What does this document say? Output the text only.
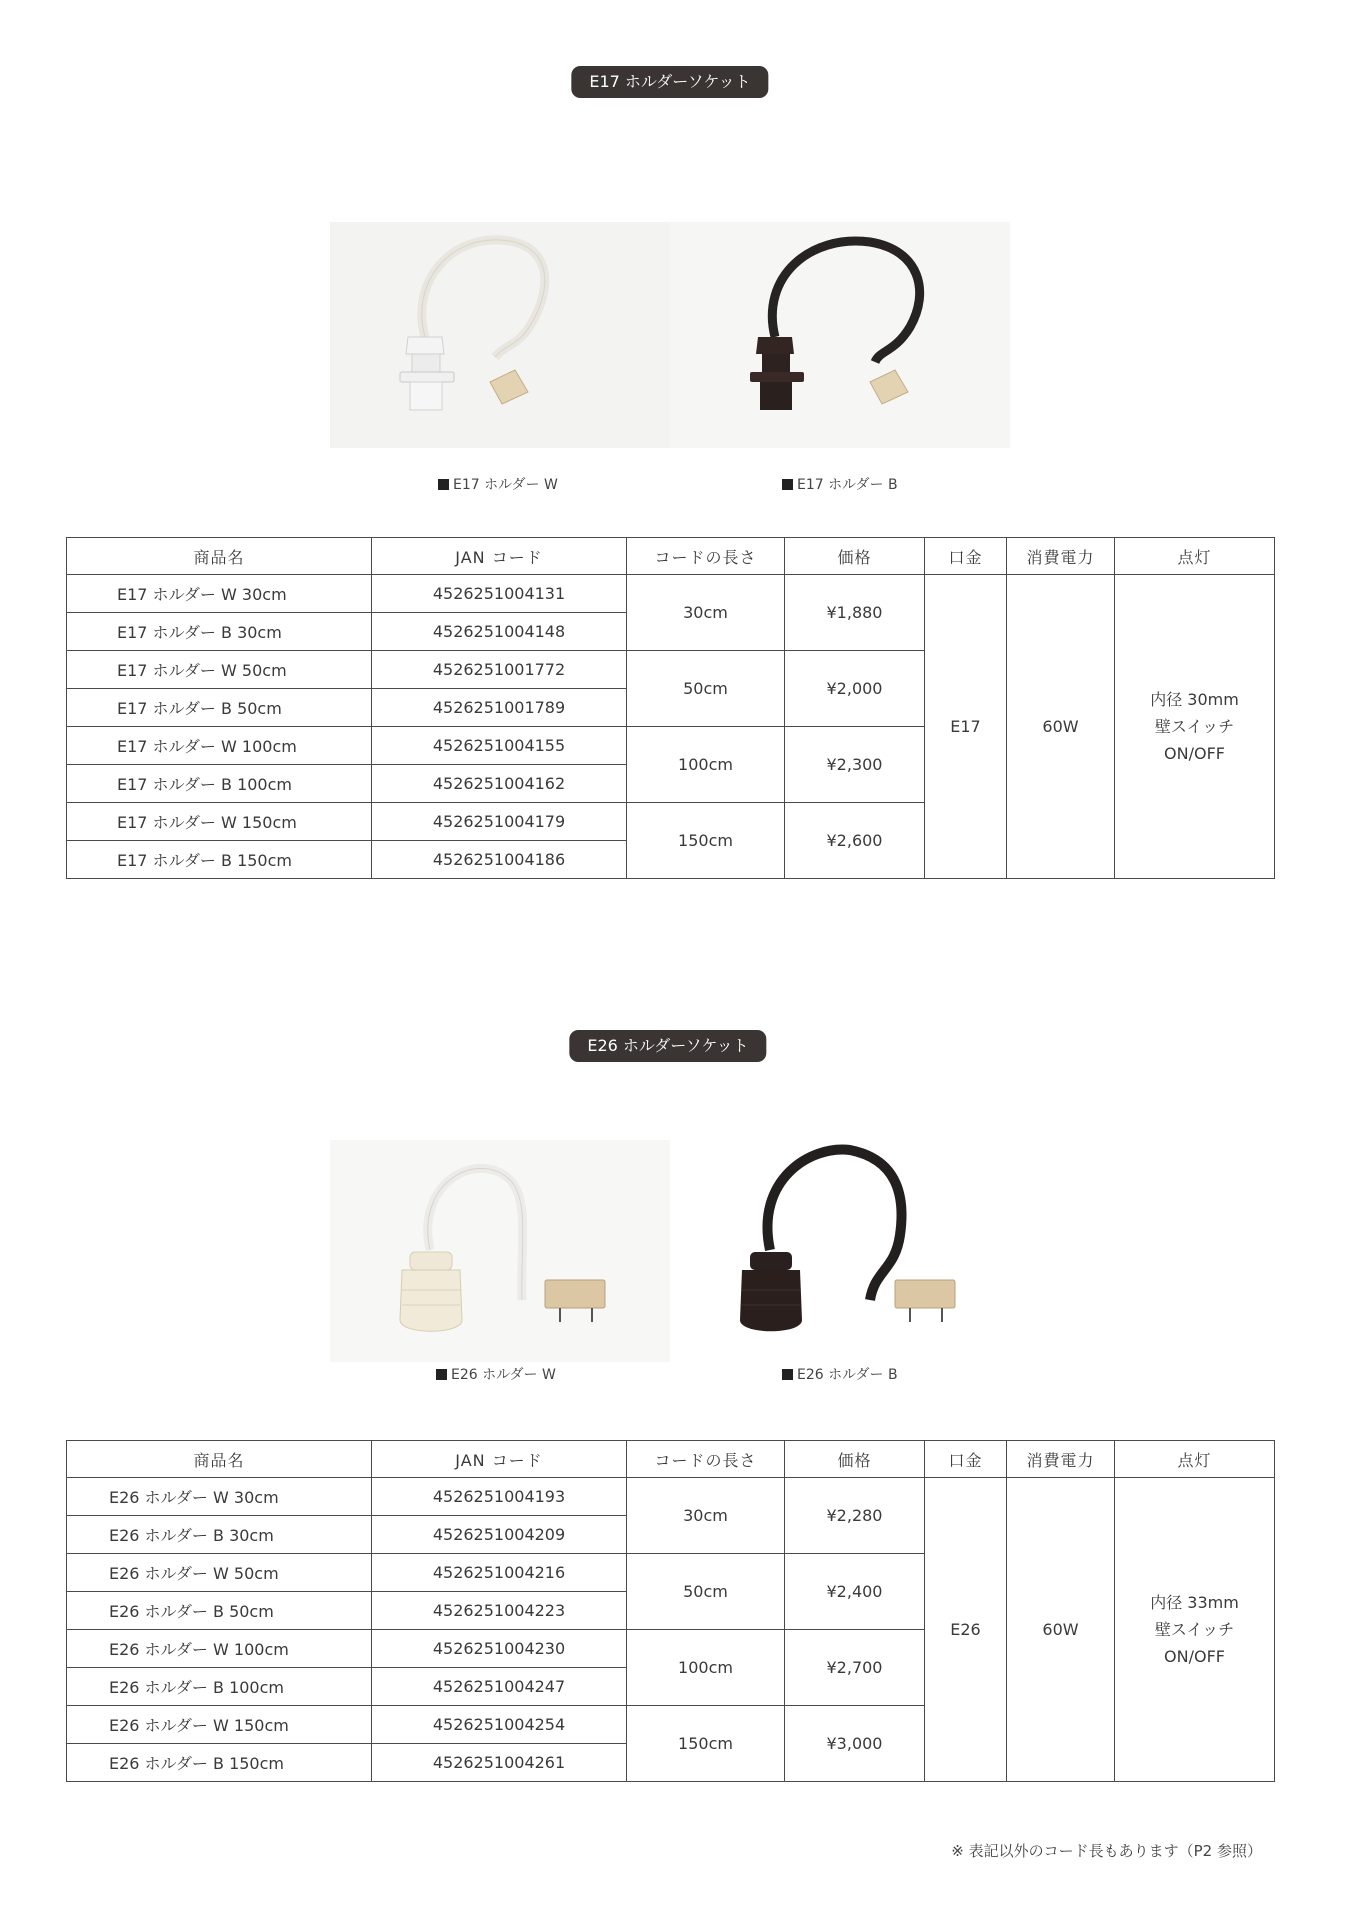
E17 ホルダーソケット
E17 ホルダー W	E17 ホルダー B
商品名	JAN コード	コードの長さ	価格	口金	消費電力	点灯
E17 ホルダー W 30cm	4526251004131	30cm	¥1,880	E17	60W	内径 30mm
壁スイッチ
ON/OFF
E17 ホルダー B 30cm	4526251004148					
E17 ホルダー W 50cm	4526251001772	50cm	¥2,000			
E17 ホルダー B 50cm	4526251001789					
E17 ホルダー W 100cm	4526251004155	100cm	¥2,300			
E17 ホルダー B 100cm	4526251004162					
E17 ホルダー W 150cm	4526251004179	150cm	¥2,600			
E17 ホルダー B 150cm	4526251004186					
E26 ホルダーソケット
E26 ホルダー W	E26 ホルダー B
商品名	JAN コード	コードの長さ	価格	口金	消費電力	点灯
E26 ホルダー W 30cm	4526251004193	30cm	¥2,280	E26	60W	内径 33mm
壁スイッチ
ON/OFF
E26 ホルダー B 30cm	4526251004209					
E26 ホルダー W 50cm	4526251004216	50cm	¥2,400			
E26 ホルダー B 50cm	4526251004223					
E26 ホルダー W 100cm	4526251004230	100cm	¥2,700			
E26 ホルダー B 100cm	4526251004247					
E26 ホルダー W 150cm	4526251004254	150cm	¥3,000			
E26 ホルダー B 150cm	4526251004261					
※ 表記以外のコード長もあります（P2 参照）
